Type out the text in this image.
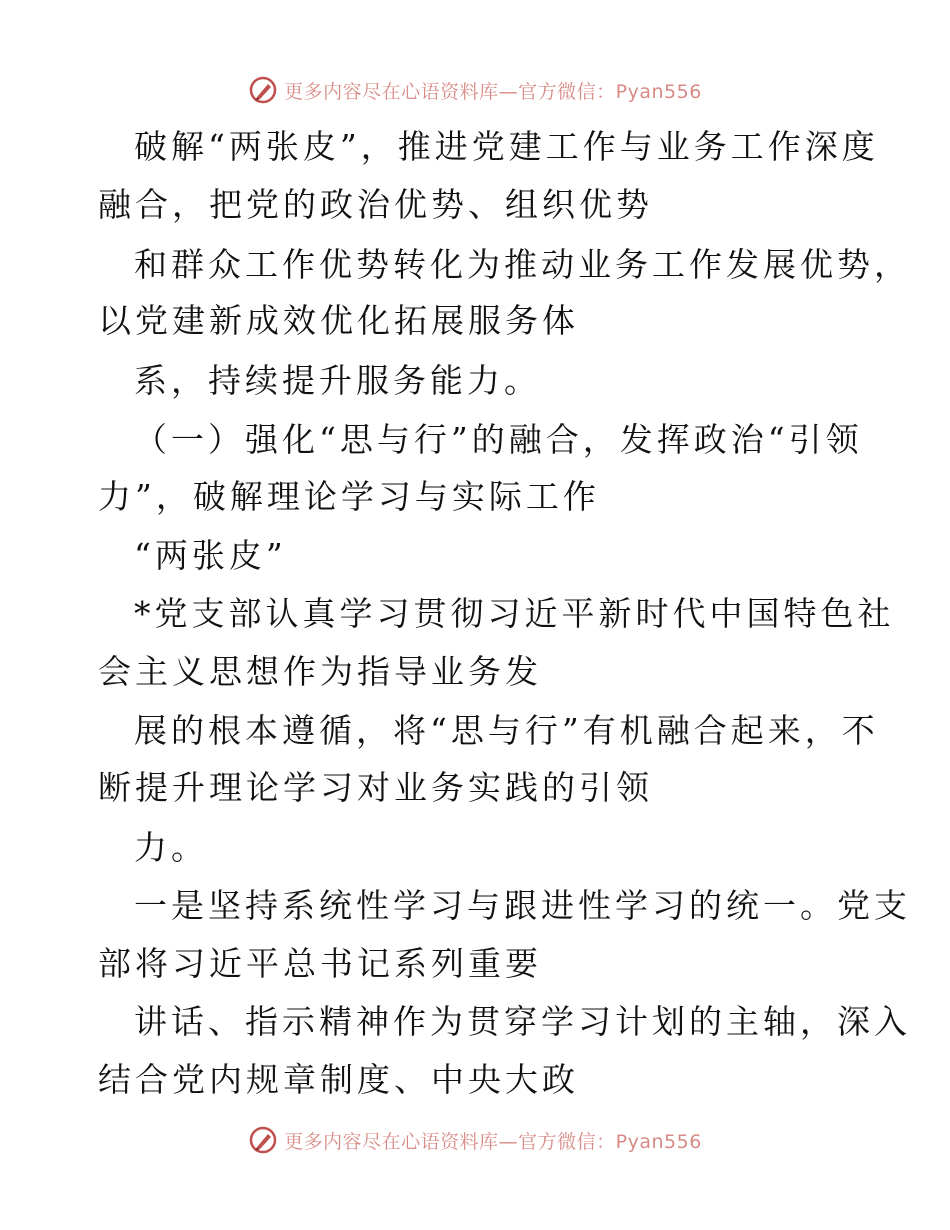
更多内容尽在心语资料库—官方微信：Pyan556
破解“两张皮”，推进党建工作与业务工作深度
融合，把党的政治优势、组织优势
和群众工作优势转化为推动业务工作发展优势，
以党建新成效优化拓展服务体
系，持续提升服务能力。
（一）强化“思与行”的融合，发挥政治“引领
力”，破解理论学习与实际工作
“两张皮”
*党支部认真学习贯彻习近平新时代中国特色社
会主义思想作为指导业务发
展的根本遵循，将“思与行”有机融合起来，不
断提升理论学习对业务实践的引领
力。
一是坚持系统性学习与跟进性学习的统一。党支
部将习近平总书记系列重要
讲话、指示精神作为贯穿学习计划的主轴，深入
结合党内规章制度、中央大政
更多内容尽在心语资料库—官方微信：Pyan556
